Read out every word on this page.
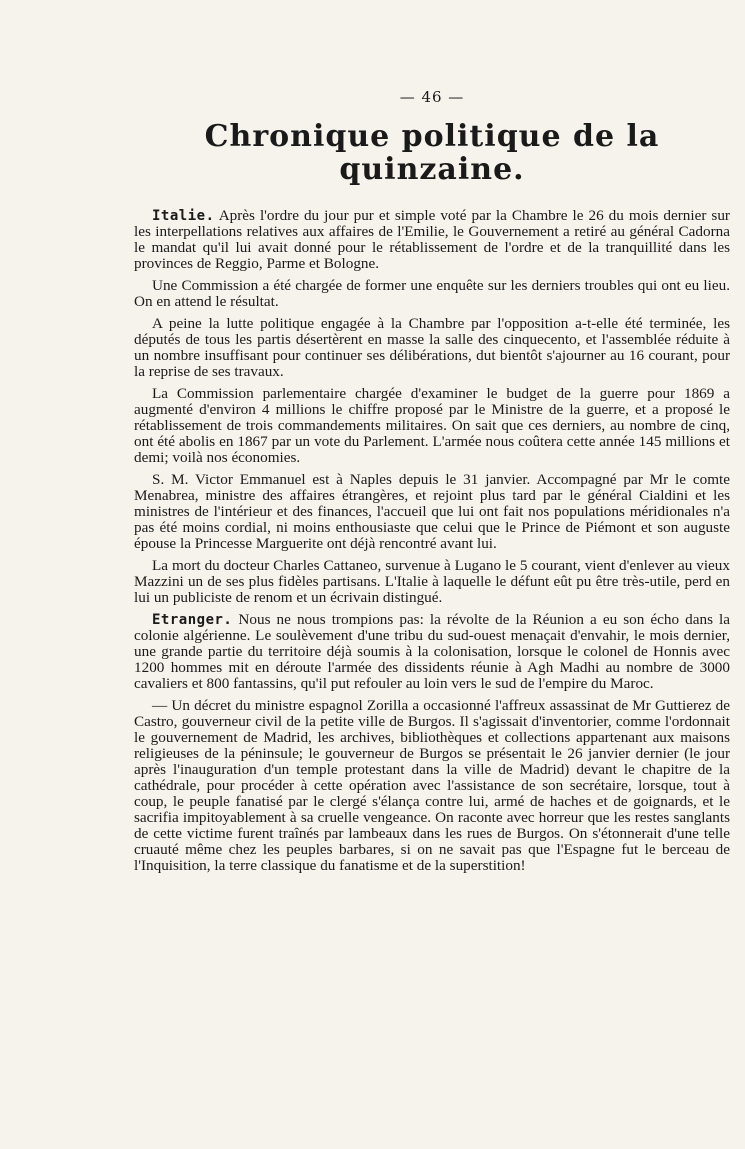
— 46 —
Chronique politique de la quinzaine.

Italie. Après l'ordre du jour pur et simple voté par la Chambre le 26 du mois dernier sur les interpellations relatives aux affaires de l'Emilie, le Gouvernement a retiré au général Cadorna le mandat qu'il lui avait donné pour le rétablissement de l'ordre et de la tranquillité dans les provinces de Reggio, Parme et Bologne.

Une Commission a été chargée de former une enquête sur les derniers troubles qui ont eu lieu. On en attend le résultat.

A peine la lutte politique engagée à la Chambre par l'opposition a-t-elle été terminée, les députés de tous les partis désertèrent en masse la salle des cinquecento, et l'assemblée réduite à un nombre insuffisant pour continuer ses délibérations, dut bientôt s'ajourner au 16 courant, pour la reprise de ses travaux.

La Commission parlementaire chargée d'examiner le budget de la guerre pour 1869 a augmenté d'environ 4 millions le chiffre proposé par le Ministre de la guerre, et a proposé le rétablissement de trois commandements militaires. On sait que ces derniers, au nombre de cinq, ont été abolis en 1867 par un vote du Parlement. L'armée nous coûtera cette année 145 millions et demi; voilà nos économies.

S. M. Victor Emmanuel est à Naples depuis le 31 janvier. Accompagné par Mr le comte Menabrea, ministre des affaires étrangères, et rejoint plus tard par le général Cialdini et les ministres de l'intérieur et des finances, l'accueil que lui ont fait nos populations méridionales n'a pas été moins cordial, ni moins enthousiaste que celui que le Prince de Piémont et son auguste épouse la Princesse Marguerite ont déjà rencontré avant lui.

La mort du docteur Charles Cattaneo, survenue à Lugano le 5 courant, vient d'enlever au vieux Mazzini un de ses plus fidèles partisans. L'Italie à laquelle le défunt eût pu être très-utile, perd en lui un publiciste de renom et un écrivain distingué.

Etranger. Nous ne nous trompions pas: la révolte de la Réunion a eu son écho dans la colonie algérienne. Le soulèvement d'une tribu du sud-ouest menaçait d'envahir, le mois dernier, une grande partie du territoire déjà soumis à la colonisation, lorsque le colonel de Honnis avec 1200 hommes mit en déroute l'armée des dissidents réunie à Agh Madhi au nombre de 3000 cavaliers et 800 fantassins, qu'il put refouler au loin vers le sud de l'empire du Maroc.

— Un décret du ministre espagnol Zorilla a occasionné l'affreux assassinat de Mr Guttierez de Castro, gouverneur civil de la petite ville de Burgos. Il s'agissait d'inventorier, comme l'ordonnait le gouvernement de Madrid, les archives, bibliothèques et collections appartenant aux maisons religieuses de la péninsule; le gouverneur de Burgos se présentait le 26 janvier dernier (le jour après l'inauguration d'un temple protestant dans la ville de Madrid) devant le chapitre de la cathédrale, pour procéder à cette opération avec l'assistance de son secrétaire, lorsque, tout à coup, le peuple fanatisé par le clergé s'élança contre lui, armé de haches et de goignards, et le sacrifia impitoyablement à sa cruelle vengeance. On raconte avec horreur que les restes sanglants de cette victime furent traînés par lambeaux dans les rues de Burgos. On s'étonnerait d'une telle cruauté même chez les peuples barbares, si on ne savait pas que l'Espagne fut le berceau de l'Inquisition, la terre classique du fanatisme et de la superstition!
